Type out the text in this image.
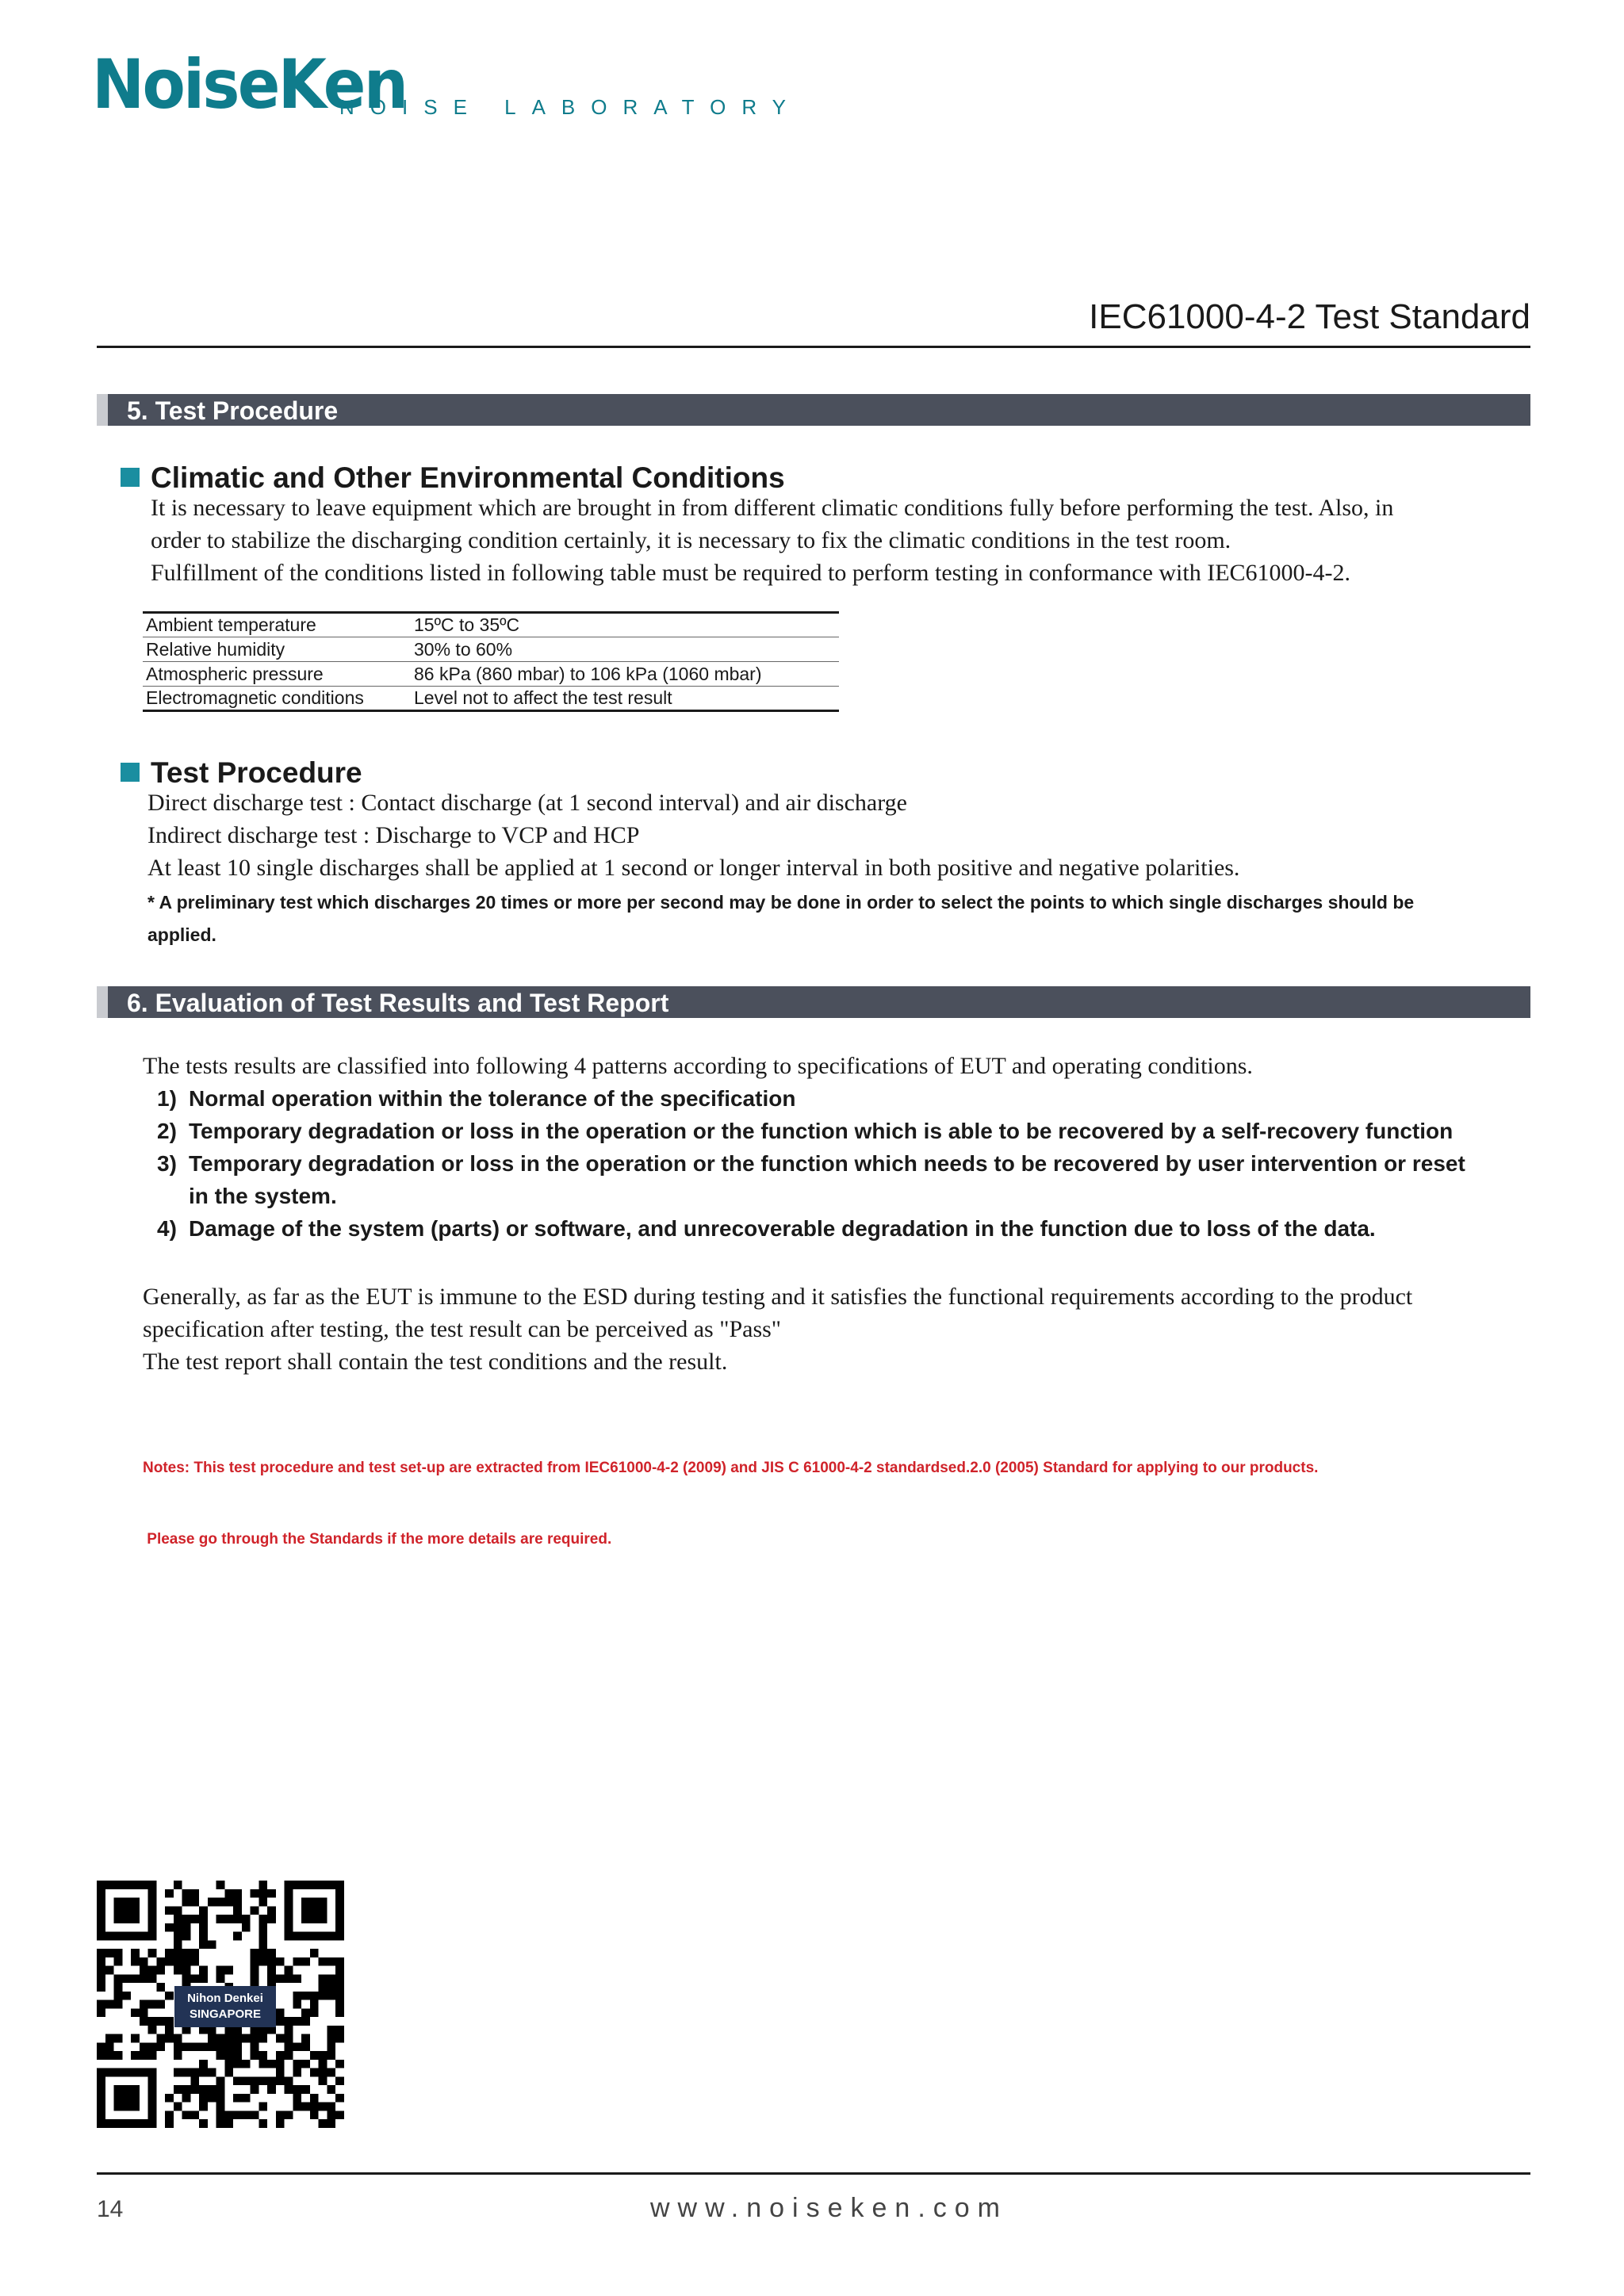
NoiseKen
NOISE LABORATORY
IEC61000-4-2 Test Standard
5. Test Procedure
Climatic and Other Environmental Conditions
It is necessary to leave equipment which are brought in from different climatic conditions fully before performing the test. Also, in
order to stabilize the discharging condition certainly, it is necessary to fix the climatic conditions in the test room.
Fulfillment of the conditions listed in following table must be required to perform testing in conformance with IEC61000-4-2.
Ambient temperature	15ºC to 35ºC
Relative humidity	30% to 60%
Atmospheric pressure	86 kPa (860 mbar) to 106 kPa (1060 mbar)
Electromagnetic conditions	Level not to affect the test result
Test Procedure
Direct discharge test : Contact discharge (at 1 second interval) and air discharge
Indirect discharge test : Discharge to VCP and HCP
At least 10 single discharges shall be applied at 1 second or longer interval in both positive and negative polarities.
* A preliminary test which discharges 20 times or more per second may be done in order to select the points to which single discharges should be
applied.
6. Evaluation of Test Results and Test Report
The tests results are classified into following 4 patterns according to specifications of EUT and operating conditions.
1) Normal operation within the tolerance of the specification
2) Temporary degradation or loss in the operation or the function which is able to be recovered by a self-recovery function
3) Temporary degradation or loss in the operation or the function which needs to be recovered by user intervention or reset
in the system.
4) Damage of the system (parts) or software, and unrecoverable degradation in the function due to loss of the data.
Generally, as far as the EUT is immune to the ESD during testing and it satisfies the functional requirements according to the product
specification after testing, the test result can be perceived as "Pass"
The test report shall contain the test conditions and the result.

Notes: This test procedure and test set-up are extracted from IEC61000-4-2 (2009) and JIS C 61000-4-2 standardsed.2.0 (2005) Standard for applying to our products.

Please go through the Standards if the more details are required.

Nihon Denkei
SINGAPORE
14	www.noiseken.com
